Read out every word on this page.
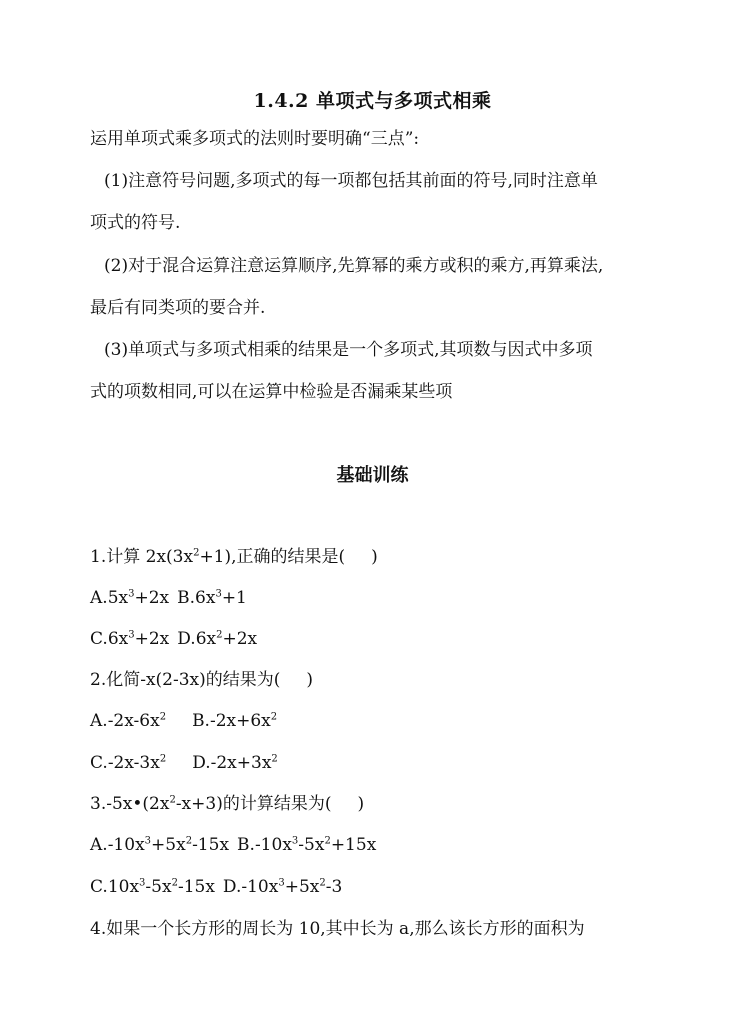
1.4.2 单项式与多项式相乘
运用单项式乘多项式的法则时要明确“三点”:
(1)注意符号问题,多项式的每一项都包括其前面的符号,同时注意单
项式的符号.
(2)对于混合运算注意运算顺序,先算幂的乘方或积的乘方,再算乘法,
最后有同类项的要合并.
(3)单项式与多项式相乘的结果是一个多项式,其项数与因式中多项
式的项数相同,可以在运算中检验是否漏乘某些项
基础训练
1.计算 $2x(3x^2+1)$,正确的结果是( )
$A.5x^3+2x$ $B.6x^3+1$
$C.6x^3+2x$ $D.6x^2+2x$
2.化简-x(2-3x)的结果为( )
$A.-2x-6x^2$ $B.-2x+6x^2$
$C.-2x-3x^2$ $D.-2x+3x^2$
$3.-5x•(2x^2-x+3)$的计算结果为( )
$A.-10x^3+5x^2-15x$ $B.-10x^3-5x^2+15x$
$C.10x^3-5x^2-15x$ $D.-10x^3+5x^2-3$
4.如果一个长方形的周长为 10,其中长为 a,那么该长方形的面积为
